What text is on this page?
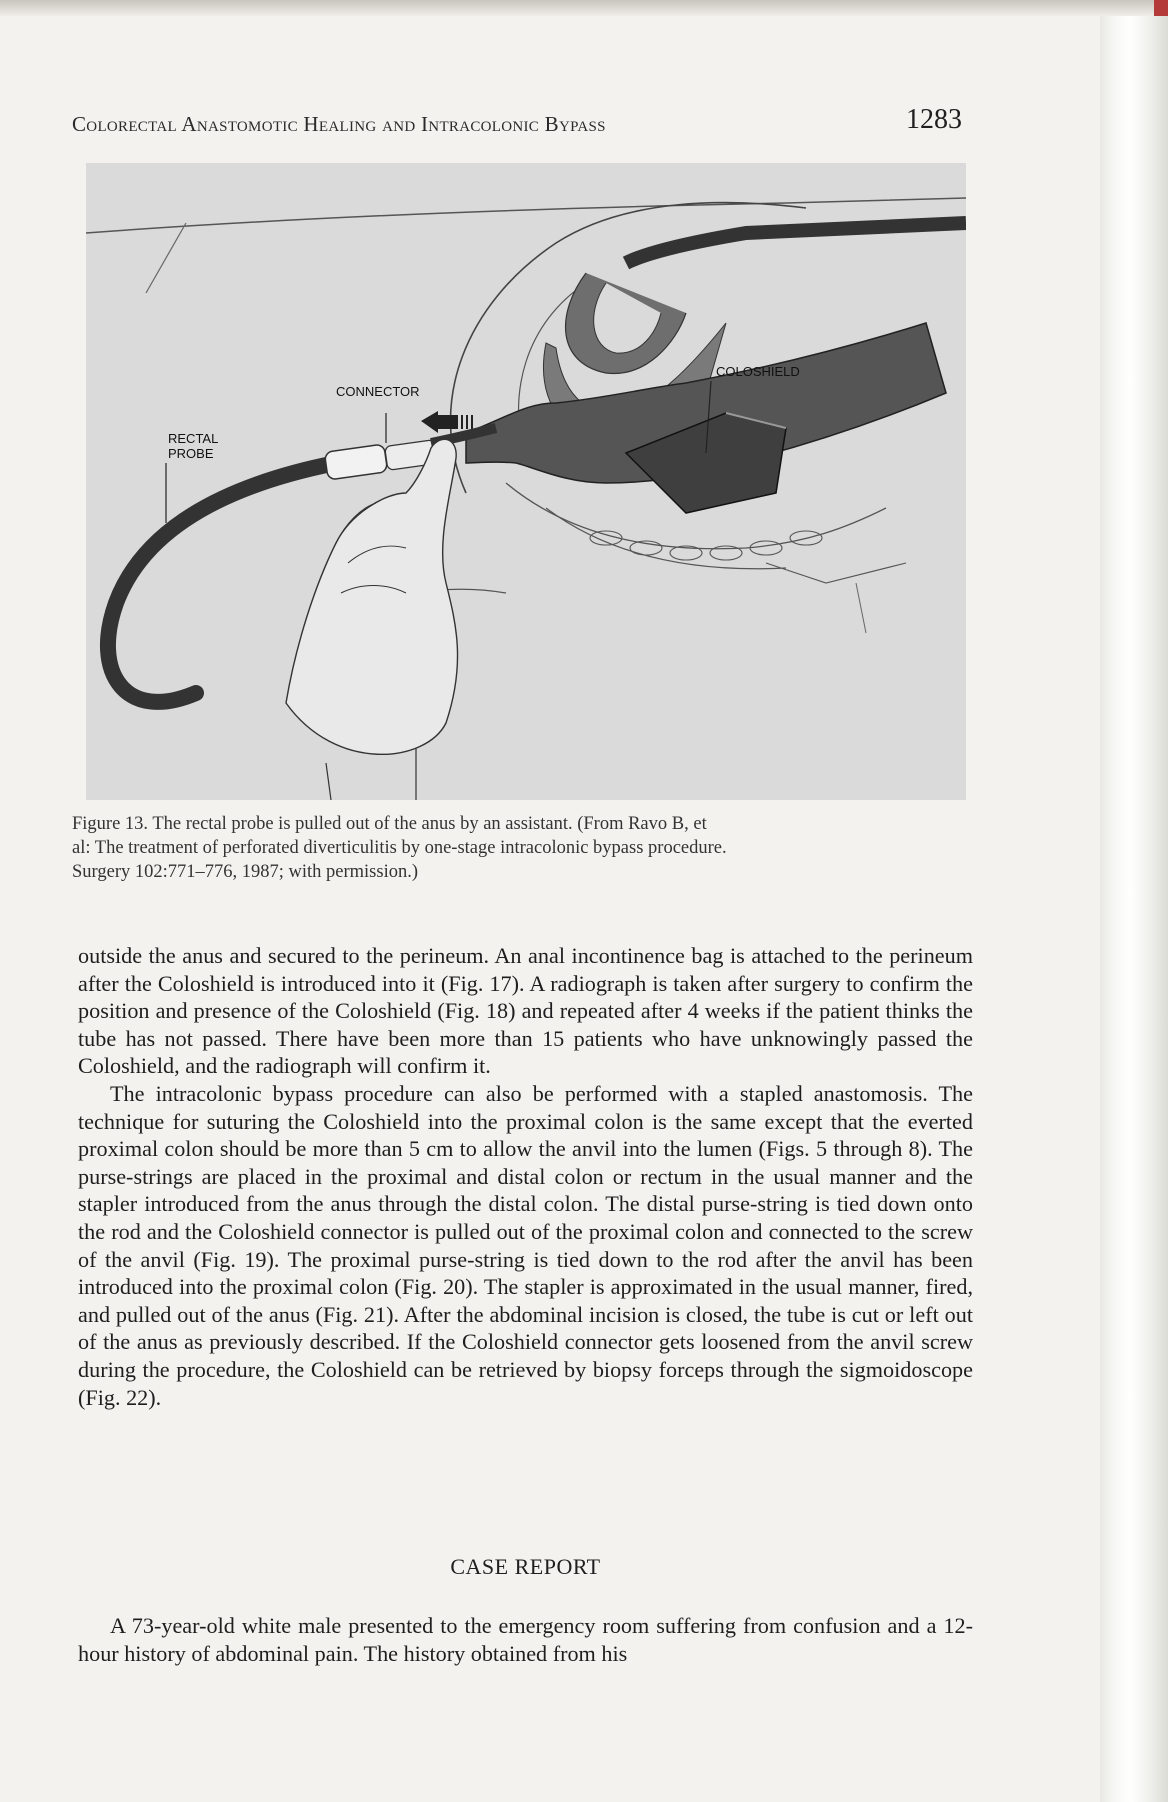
Colorectal Anastomotic Healing and Intracolonic Bypass	1283
COLOSHIELD
CONNECTOR
RECTAL
PROBE
Figure 13. The rectal probe is pulled out of the anus by an assistant. (From Ravo B, et
al: The treatment of perforated diverticulitis by one-stage intracolonic bypass procedure.
Surgery 102:771–776, 1987; with permission.)

outside the anus and secured to the perineum. An anal incontinence bag is attached to the perineum after the Coloshield is introduced into it (Fig. 17). A radiograph is taken after surgery to confirm the position and presence of the Coloshield (Fig. 18) and repeated after 4 weeks if the patient thinks the tube has not passed. There have been more than 15 patients who have unknowingly passed the Coloshield, and the radiograph will confirm it.

The intracolonic bypass procedure can also be performed with a stapled anastomosis. The technique for suturing the Coloshield into the proximal colon is the same except that the everted proximal colon should be more than 5 cm to allow the anvil into the lumen (Figs. 5 through 8). The purse-strings are placed in the proximal and distal colon or rectum in the usual manner and the stapler introduced from the anus through the distal colon. The distal purse-string is tied down onto the rod and the Coloshield connector is pulled out of the proximal colon and connected to the screw of the anvil (Fig. 19). The proximal purse-string is tied down to the rod after the anvil has been introduced into the proximal colon (Fig. 20). The stapler is approximated in the usual manner, fired, and pulled out of the anus (Fig. 21). After the abdominal incision is closed, the tube is cut or left out of the anus as previously described. If the Coloshield connector gets loosened from the anvil screw during the procedure, the Coloshield can be retrieved by biopsy forceps through the sigmoidoscope (Fig. 22).

CASE REPORT

A 73-year-old white male presented to the emergency room suffering from confusion and a 12-hour history of abdominal pain. The history obtained from his
